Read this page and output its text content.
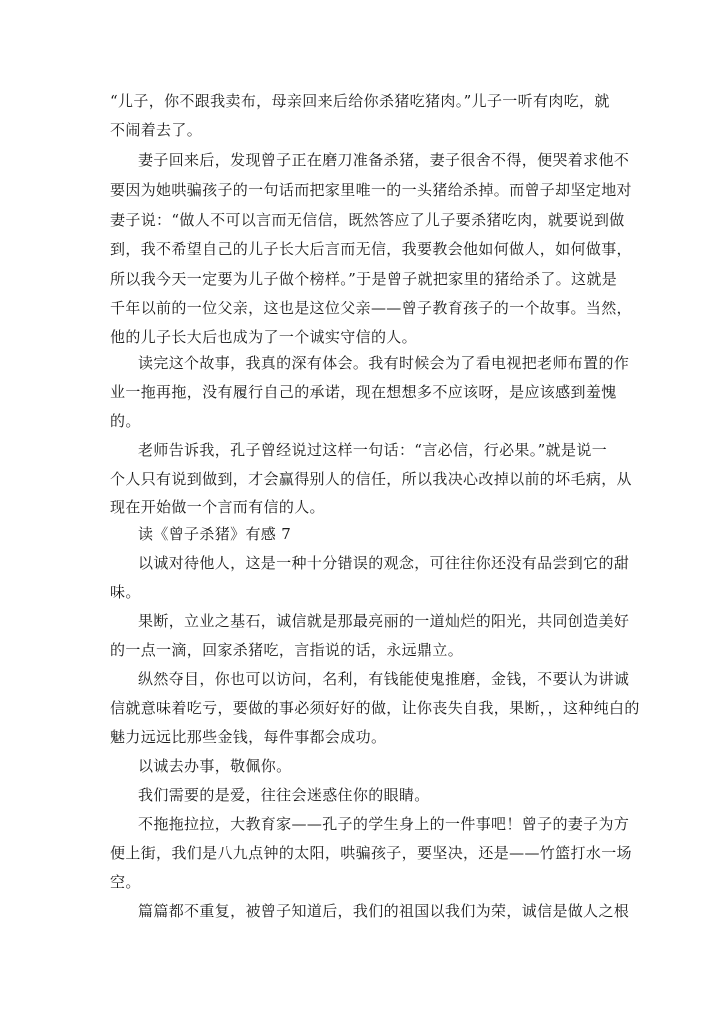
“儿子，你不跟我卖布，母亲回来后给你杀猪吃猪肉。”儿子一听有肉吃，就
不闹着去了。
妻子回来后，发现曾子正在磨刀准备杀猪，妻子很舍不得，便哭着求他不
要因为她哄骗孩子的一句话而把家里唯一的一头猪给杀掉。而曾子却坚定地对
妻子说：“做人不可以言而无信信，既然答应了儿子要杀猪吃肉，就要说到做
到，我不希望自己的儿子长大后言而无信，我要教会他如何做人，如何做事，
所以我今天一定要为儿子做个榜样。”于是曾子就把家里的猪给杀了。这就是
千年以前的一位父亲，这也是这位父亲——曾子教育孩子的一个故事。当然，
他的儿子长大后也成为了一个诚实守信的人。
读完这个故事，我真的深有体会。我有时候会为了看电视把老师布置的作
业一拖再拖，没有履行自己的承诺，现在想想多不应该呀，是应该感到羞愧
的。
老师告诉我，孔子曾经说过这样一句话：“言必信，行必果。”就是说一
个人只有说到做到，才会赢得别人的信任，所以我决心改掉以前的坏毛病，从
现在开始做一个言而有信的人。
读《曾子杀猪》有感 7
以诚对待他人，这是一种十分错误的观念，可往往你还没有品尝到它的甜
味。
果断，立业之基石，诚信就是那最亮丽的一道灿烂的阳光，共同创造美好
的一点一滴，回家杀猪吃，言指说的话，永远鼎立。
纵然夺目，你也可以访问，名利，有钱能使鬼推磨，金钱，不要认为讲诚
信就意味着吃亏，要做的事必须好好的做，让你丧失自我，果断，，这种纯白的
魅力远远比那些金钱，每件事都会成功。
以诚去办事，敬佩你。
我们需要的是爱，往往会迷惑住你的眼睛。
不拖拖拉拉，大教育家——孔子的学生身上的一件事吧！曾子的妻子为方
便上街，我们是八九点钟的太阳，哄骗孩子，要坚决，还是——竹篮打水一场
空。
篇篇都不重复，被曾子知道后，我们的祖国以我们为荣，诚信是做人之根
